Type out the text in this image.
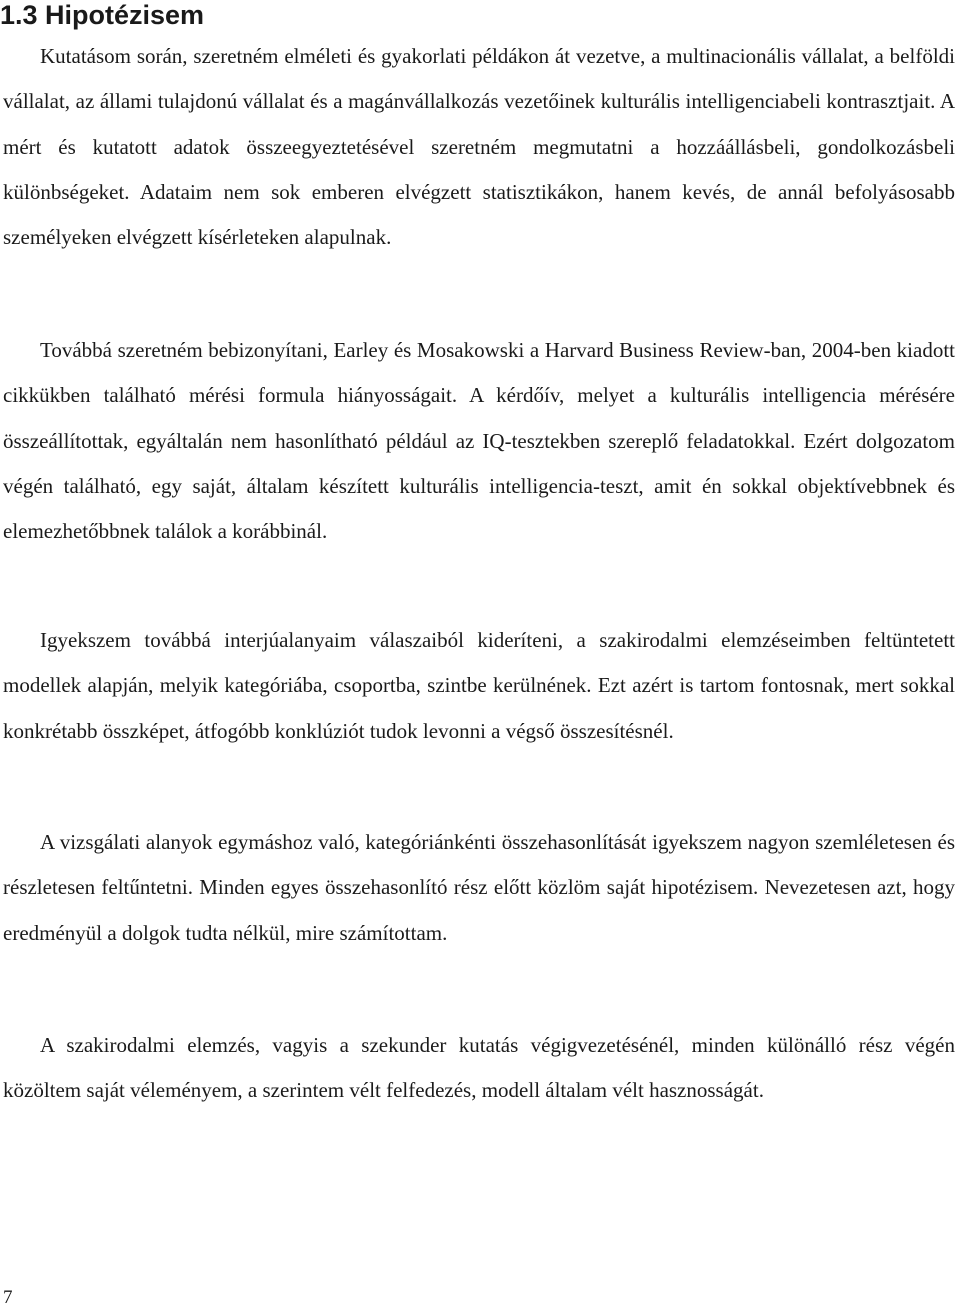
1.3 Hipotézisem

Kutatásom során, szeretném elméleti és gyakorlati példákon át vezetve, a multinacionális vállalat, a belföldi vállalat, az állami tulajdonú vállalat és a magánvállalkozás vezetőinek kulturális intelligenciabeli kontrasztjait. A mért és kutatott adatok összeegyeztetésével szeretném megmutatni a hozzáállásbeli, gondolkozásbeli különbségeket. Adataim nem sok emberen elvégzett statisztikákon, hanem kevés, de annál befolyásosabb személyeken elvégzett kísérleteken alapulnak.

Továbbá szeretném bebizonyítani, Earley és Mosakowski a Harvard Business Review-ban, 2004-ben kiadott cikkükben található mérési formula hiányosságait. A kérdőív, melyet a kulturális intelligencia mérésére összeállítottak, egyáltalán nem hasonlítható például az IQ-tesztekben szereplő feladatokkal. Ezért dolgozatom végén található, egy saját, általam készített kulturális intelligencia-teszt, amit én sokkal objektívebbnek és elemezhetőbbnek találok a korábbinál.

Igyekszem továbbá interjúalanyaim válaszaiból kideríteni, a szakirodalmi elemzéseimben feltüntetett modellek alapján, melyik kategóriába, csoportba, szintbe kerülnének. Ezt azért is tartom fontosnak, mert sokkal konkrétabb összképet, átfogóbb konklúziót tudok levonni a végső összesítésnél.

A vizsgálati alanyok egymáshoz való, kategóriánkénti összehasonlítását igyekszem nagyon szemléletesen és részletesen feltűntetni. Minden egyes összehasonlító rész előtt közlöm saját hipotézisem. Nevezetesen azt, hogy eredményül a dolgok tudta nélkül, mire számítottam.

A szakirodalmi elemzés, vagyis a szekunder kutatás végigvezetésénél, minden különálló rész végén közöltem saját véleményem, a szerintem vélt felfedezés, modell általam vélt hasznosságát.

7
